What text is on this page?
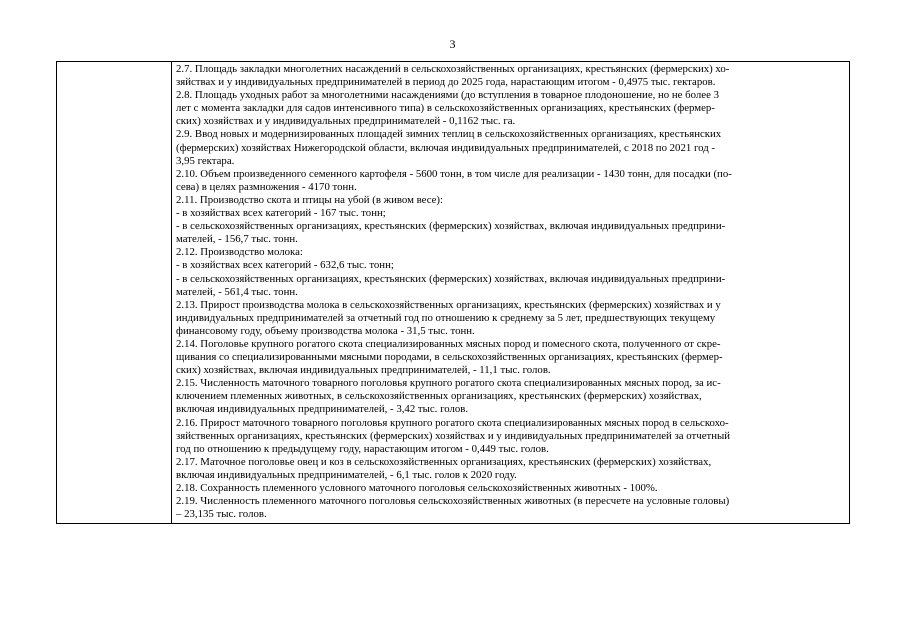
3

2.7. Площадь закладки многолетних насаждений в сельскохозяйственных организациях, крестьянских (фермерских) хо-
зяйствах и у индивидуальных предпринимателей в период до 2025 года, нарастающим итогом - 0,4975 тыс. гектаров.
2.8. Площадь уходных работ за многолетними насаждениями (до вступления в товарное плодоношение, но не более 3
лет с момента закладки для садов интенсивного типа) в сельскохозяйственных организациях, крестьянских (фермер-
ских) хозяйствах и у индивидуальных предпринимателей - 0,1162 тыс. га.
2.9. Ввод новых и модернизированных площадей зимних теплиц в сельскохозяйственных организациях, крестьянских
(фермерских) хозяйствах Нижегородской области, включая индивидуальных предпринимателей, с 2018 по 2021 год -
3,95 гектара.
2.10. Объем произведенного семенного картофеля - 5600 тонн, в том числе для реализации - 1430 тонн, для посадки (по-
сева) в целях размножения - 4170 тонн.
2.11. Производство скота и птицы на убой (в живом весе):
- в хозяйствах всех категорий - 167 тыс. тонн;
- в сельскохозяйственных организациях, крестьянских (фермерских) хозяйствах, включая индивидуальных предприни-
мателей, - 156,7 тыс. тонн.
2.12. Производство молока:
- в хозяйствах всех категорий - 632,6 тыс. тонн;
- в сельскохозяйственных организациях, крестьянских (фермерских) хозяйствах, включая индивидуальных предприни-
мателей, - 561,4 тыс. тонн.
2.13. Прирост производства молока в сельскохозяйственных организациях, крестьянских (фермерских) хозяйствах и у
индивидуальных предпринимателей за отчетный год по отношению к среднему за 5 лет, предшествующих текущему
финансовому году, объему производства молока - 31,5 тыс. тонн.
2.14. Поголовье крупного рогатого скота специализированных мясных пород и помесного скота, полученного от скре-
щивания со специализированными мясными породами, в сельскохозяйственных организациях, крестьянских (фермер-
ских) хозяйствах, включая индивидуальных предпринимателей, - 11,1 тыс. голов.
2.15. Численность маточного товарного поголовья крупного рогатого скота специализированных мясных пород, за ис-
ключением племенных животных, в сельскохозяйственных организациях, крестьянских (фермерских) хозяйствах,
включая индивидуальных предпринимателей, - 3,42 тыс. голов.
2.16. Прирост маточного товарного поголовья крупного рогатого скота специализированных мясных пород в сельскохо-
зяйственных организациях, крестьянских (фермерских) хозяйствах и у индивидуальных предпринимателей за отчетный
год по отношению к предыдущему году, нарастающим итогом - 0,449 тыс. голов.
2.17. Маточное поголовье овец и коз в сельскохозяйственных организациях, крестьянских (фермерских) хозяйствах,
включая индивидуальных предпринимателей, - 6,1 тыс. голов к 2020 году.
2.18. Сохранность племенного условного маточного поголовья сельскохозяйственных животных - 100%.
2.19. Численность племенного маточного поголовья сельскохозяйственных животных (в пересчете на условные головы)
– 23,135 тыс. голов.
